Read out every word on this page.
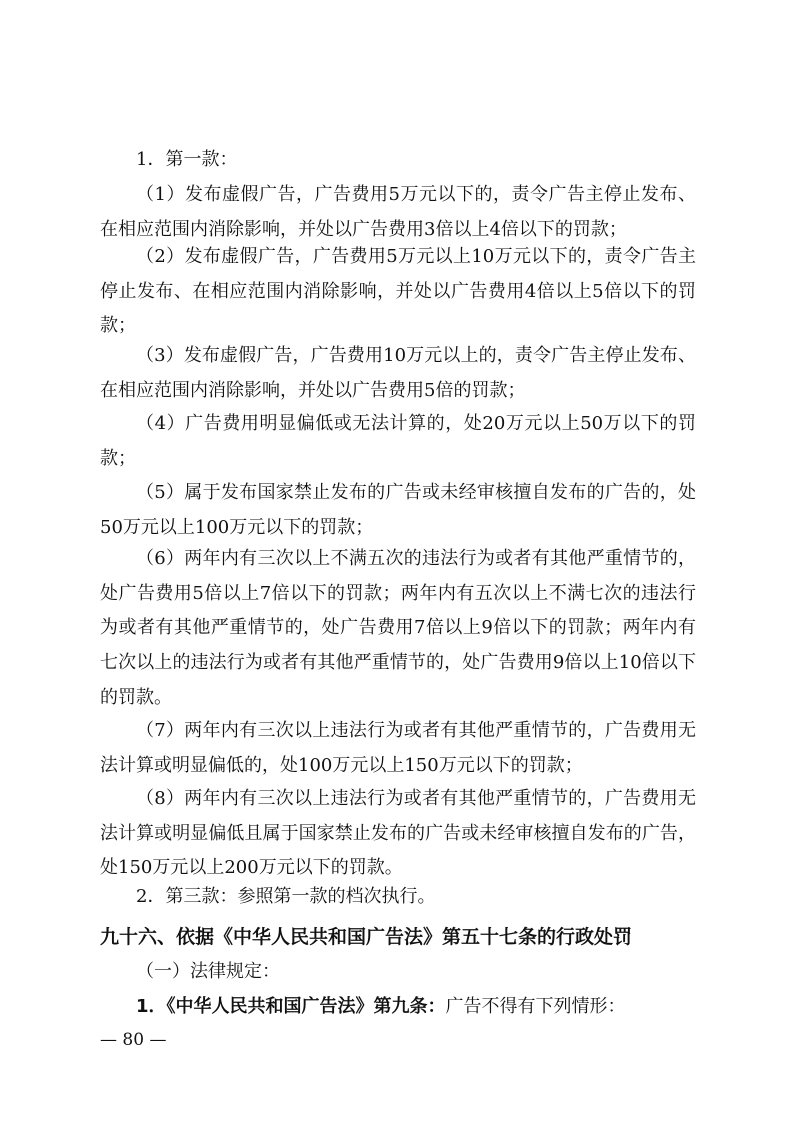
1．第一款：

（1）发布虚假广告，广告费用5万元以下的，责令广告主停止发布、在相应范围内消除影响，并处以广告费用3倍以上4倍以下的罚款；

（2）发布虚假广告，广告费用5万元以上10万元以下的，责令广告主停止发布、在相应范围内消除影响，并处以广告费用4倍以上5倍以下的罚款；

（3）发布虚假广告，广告费用10万元以上的，责令广告主停止发布、在相应范围内消除影响，并处以广告费用5倍的罚款；

（4）广告费用明显偏低或无法计算的，处20万元以上50万以下的罚款；

（5）属于发布国家禁止发布的广告或未经审核擅自发布的广告的，处50万元以上100万元以下的罚款；

（6）两年内有三次以上不满五次的违法行为或者有其他严重情节的，处广告费用5倍以上7倍以下的罚款；两年内有五次以上不满七次的违法行为或者有其他严重情节的，处广告费用7倍以上9倍以下的罚款；两年内有七次以上的违法行为或者有其他严重情节的，处广告费用9倍以上10倍以下的罚款。

（7）两年内有三次以上违法行为或者有其他严重情节的，广告费用无法计算或明显偏低的，处100万元以上150万元以下的罚款；

（8）两年内有三次以上违法行为或者有其他严重情节的，广告费用无法计算或明显偏低且属于国家禁止发布的广告或未经审核擅自发布的广告，处150万元以上200万元以下的罚款。

2．第三款：参照第一款的档次执行。

九十六、依据《中华人民共和国广告法》第五十七条的行政处罚

（一）法律规定：

1．《中华人民共和国广告法》第九条：广告不得有下列情形：

— 80 —
